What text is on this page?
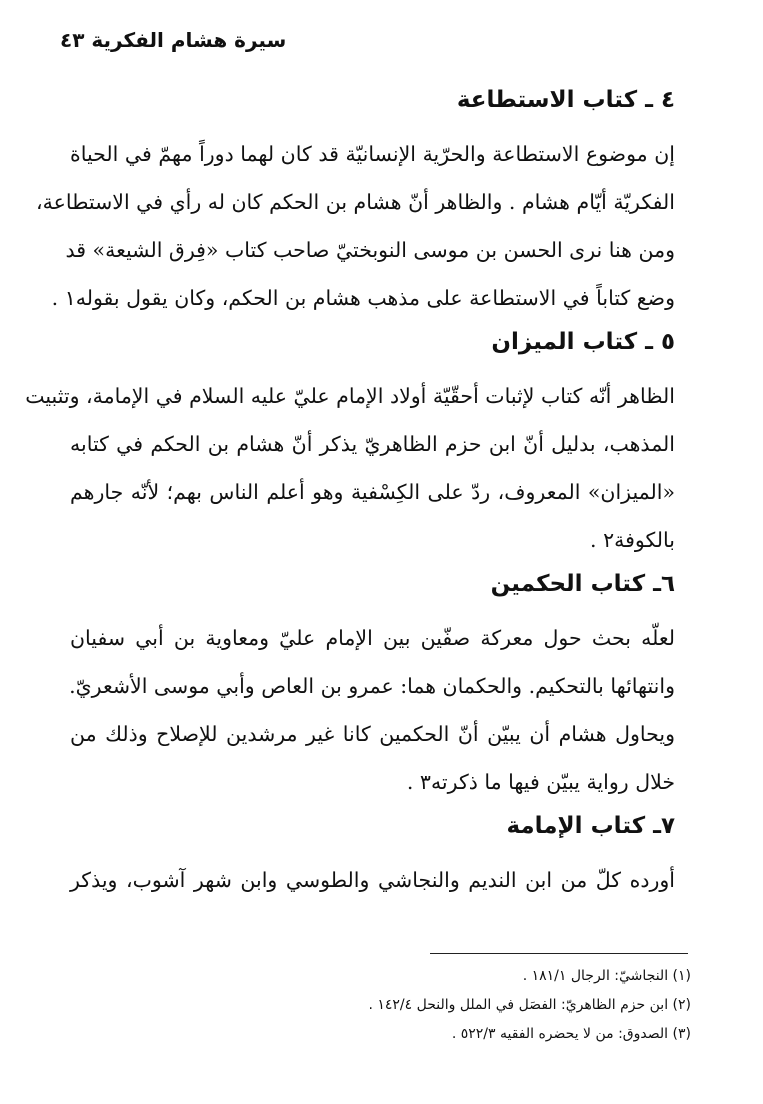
سيرة هشام الفكرية ٤٣
٤ ـ كتاب الاستطاعة
إن موضوع الاستطاعة والحرّية الإنسانيّة قد كان لهما دوراً مهمّ في الحياة
الفكريّة أيّام هشام . والظاهر أنّ هشام بن الحكم كان له رأي في الاستطاعة،
ومن هنا نرى الحسن بن موسى النوبختيّ صاحب كتاب «فِرق الشيعة» قد
وضع كتاباً في الاستطاعة على مذهب هشام بن الحكم، وكان يقول بقوله١ .
٥ ـ كتاب الميزان
الظاهر أنّه كتاب لإثبات أحقّيّة أولاد الإمام عليّ عليه السلام في الإمامة، وتثبيت
المذهب، بدليل أنّ ابن حزم الظاهريّ يذكر أنّ هشام بن الحكم في كتابه
«الميزان» المعروف، ردّ على الكِسْفية وهو أعلم الناس بهم؛ لأنّه جارهم
بالكوفة٢ .
٦ـ كتاب الحكمين
لعلّه بحث حول معركة صفّين بين الإمام عليّ ومعاوية بن أبي سفيان
وانتهائها بالتحكيم. والحكمان هما: عمرو بن العاص وأبي موسى الأشعريّ.
ويحاول هشام أن يبيّن أنّ الحكمين كانا غير مرشدين للإصلاح وذلك من
خلال رواية يبيّن فيها ما ذكرته٣ .
٧ـ كتاب الإمامة
أورده كلّ من ابن النديم والنجاشي والطوسي وابن شهر آشوب، ويذكر
(١) النجاشيّ: الرجال ١٨١/١ .
(٢) ابن حزم الظاهريّ: الفصَل في الملل والنحل ١٤٢/٤ .
(٣) الصدوق: من لا يحضره الفقيه ٥٢٢/٣ .
